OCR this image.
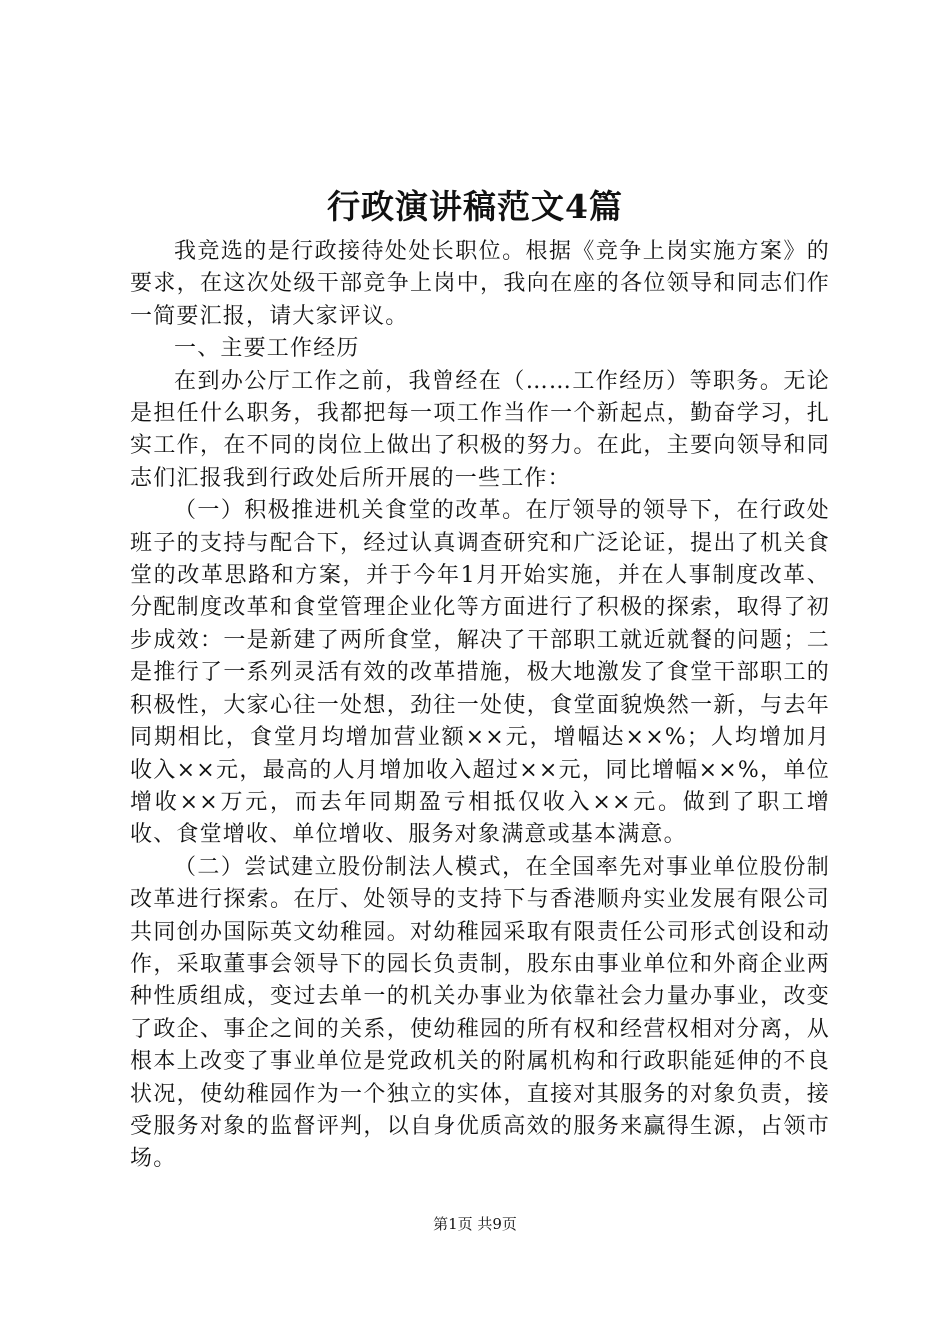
行政演讲稿范文4篇

我竞选的是行政接待处处长职位。根据《竞争上岗实施方案》的要求，在这次处级干部竞争上岗中，我向在座的各位领导和同志们作一简要汇报，请大家评议。

一、主要工作经历

在到办公厅工作之前，我曾经在（……工作经历）等职务。无论是担任什么职务，我都把每一项工作当作一个新起点，勤奋学习，扎实工作，在不同的岗位上做出了积极的努力。在此，主要向领导和同志们汇报我到行政处后所开展的一些工作：

（一）积极推进机关食堂的改革。在厅领导的领导下，在行政处班子的支持与配合下，经过认真调查研究和广泛论证，提出了机关食堂的改革思路和方案，并于今年1月开始实施，并在人事制度改革、分配制度改革和食堂管理企业化等方面进行了积极的探索，取得了初步成效：一是新建了两所食堂，解决了干部职工就近就餐的问题；二是推行了一系列灵活有效的改革措施，极大地激发了食堂干部职工的积极性，大家心往一处想，劲往一处使，食堂面貌焕然一新，与去年同期相比，食堂月均增加营业额××元，增幅达××%；人均增加月收入××元，最高的人月增加收入超过××元，同比增幅××%，单位增收××万元，而去年同期盈亏相抵仅收入××元。做到了职工增收、食堂增收、单位增收、服务对象满意或基本满意。

（二）尝试建立股份制法人模式，在全国率先对事业单位股份制改革进行探索。在厅、处领导的支持下与香港顺舟实业发展有限公司共同创办国际英文幼稚园。对幼稚园采取有限责任公司形式创设和动作，采取董事会领导下的园长负责制，股东由事业单位和外商企业两种性质组成，变过去单一的机关办事业为依靠社会力量办事业，改变了政企、事企之间的关系，使幼稚园的所有权和经营权相对分离，从根本上改变了事业单位是党政机关的附属机构和行政职能延伸的不良状况，使幼稚园作为一个独立的实体，直接对其服务的对象负责，接受服务对象的监督评判，以自身优质高效的服务来赢得生源，占领市场。

第1页 共9页
